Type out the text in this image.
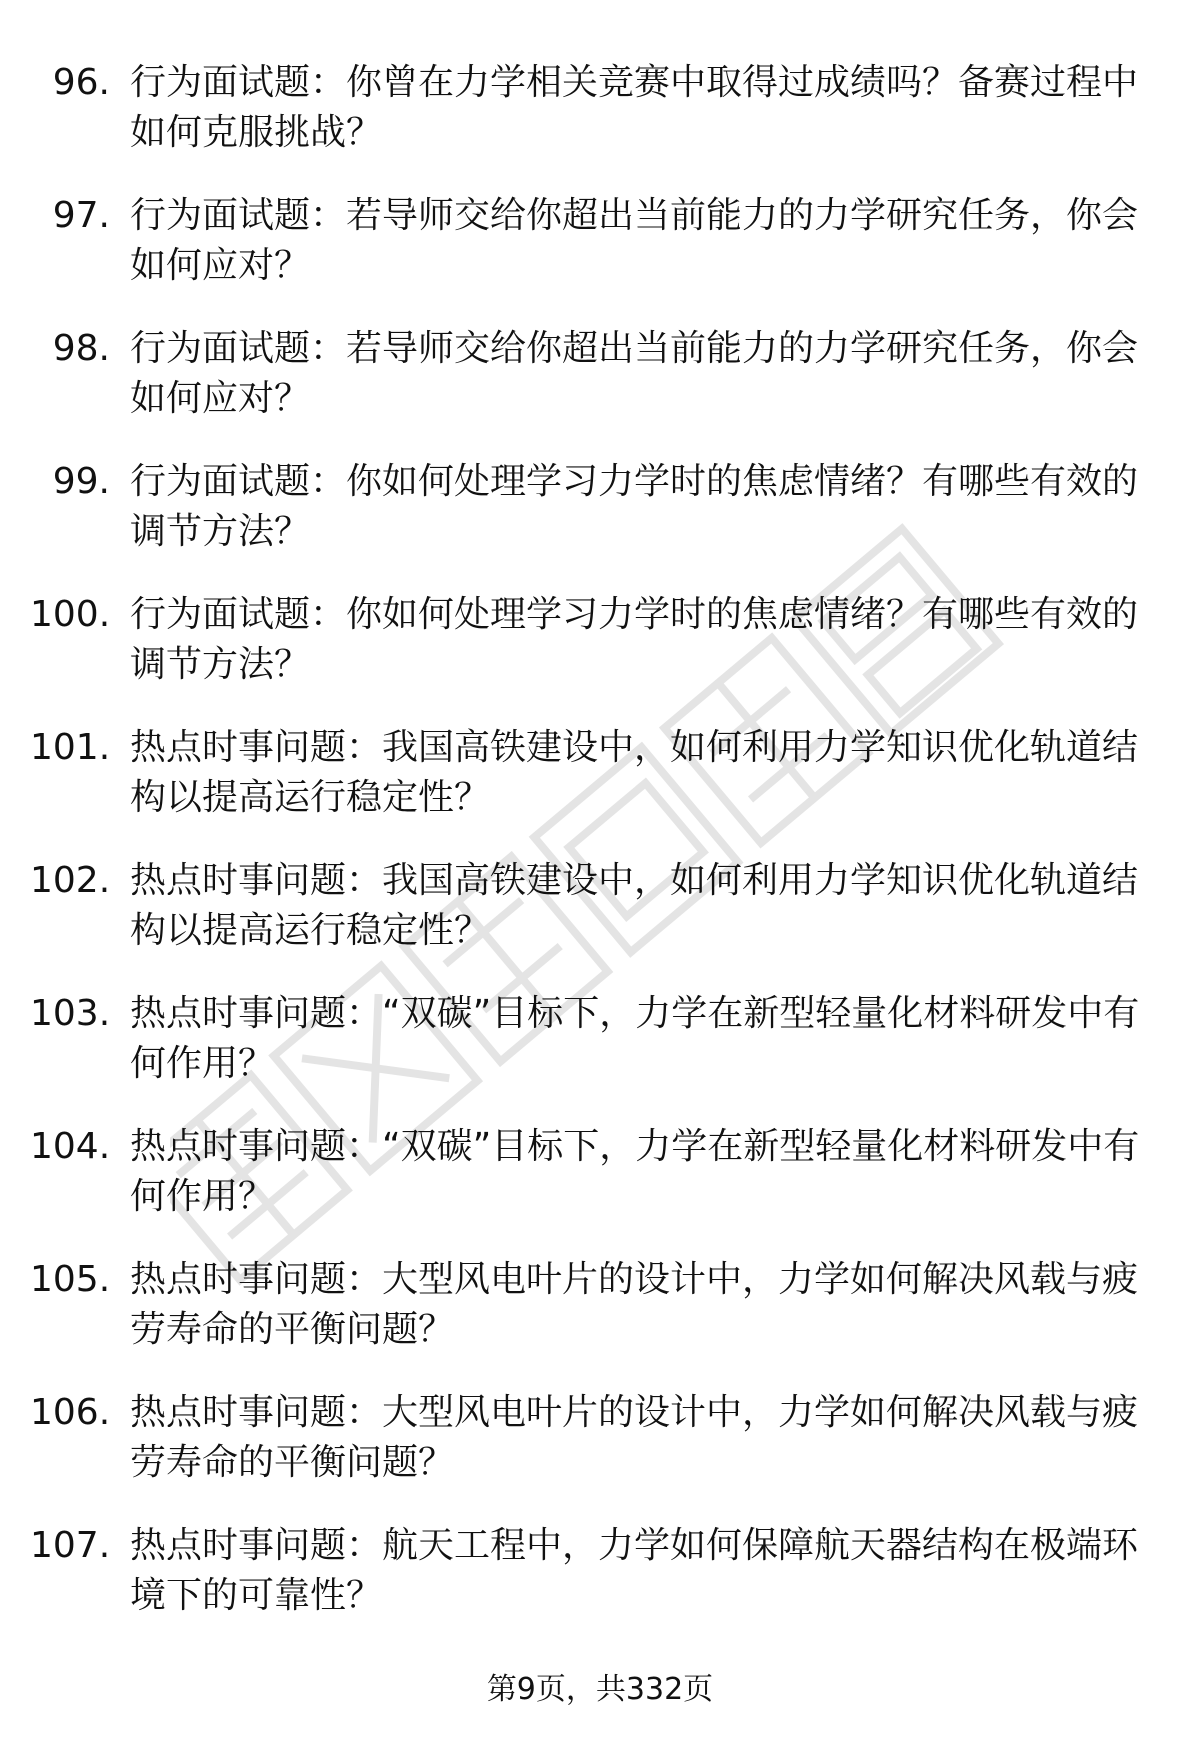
96. 行为面试题：你曾在力学相关竞赛中取得过成绩吗？备赛过程中如何克服挑战？
97. 行为面试题：若导师交给你超出当前能力的力学研究任务，你会如何应对？
98. 行为面试题：若导师交给你超出当前能力的力学研究任务，你会如何应对？
99. 行为面试题：你如何处理学习力学时的焦虑情绪？有哪些有效的调节方法？
100. 行为面试题：你如何处理学习力学时的焦虑情绪？有哪些有效的调节方法？
101. 热点时事问题：我国高铁建设中，如何利用力学知识优化轨道结构以提高运行稳定性？
102. 热点时事问题：我国高铁建设中，如何利用力学知识优化轨道结构以提高运行稳定性？
103. 热点时事问题：“双碳”目标下，力学在新型轻量化材料研发中有何作用？
104. 热点时事问题：“双碳”目标下，力学在新型轻量化材料研发中有何作用？
105. 热点时事问题：大型风电叶片的设计中，力学如何解决风载与疲劳寿命的平衡问题？
106. 热点时事问题：大型风电叶片的设计中，力学如何解决风载与疲劳寿命的平衡问题？
107. 热点时事问题：航天工程中，力学如何保障航天器结构在极端环境下的可靠性？
第9页，共332页
